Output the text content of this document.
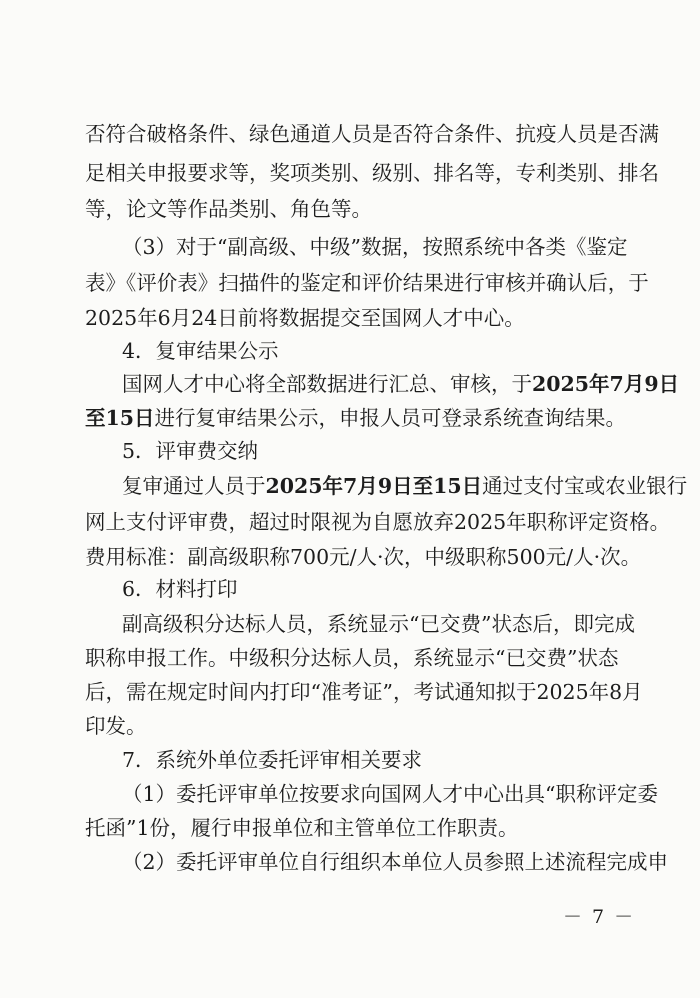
否符合破格条件、绿色通道人员是否符合条件、抗疫人员是否满
足相关申报要求等，奖项类别、级别、排名等，专利类别、排名
等，论文等作品类别、角色等。
（3）对于“副高级、中级”数据，按照系统中各类《鉴定
表》《评价表》扫描件的鉴定和评价结果进行审核并确认后，于
2025年6月24日前将数据提交至国网人才中心。
4．复审结果公示
国网人才中心将全部数据进行汇总、审核，于2025年7月9日
至15日进行复审结果公示，申报人员可登录系统查询结果。
5．评审费交纳
复审通过人员于2025年7月9日至15日通过支付宝或农业银行
网上支付评审费，超过时限视为自愿放弃2025年职称评定资格。
费用标准：副高级职称700元/人·次，中级职称500元/人·次。
6．材料打印
副高级积分达标人员，系统显示“已交费”状态后，即完成
职称申报工作。中级积分达标人员，系统显示“已交费”状态
后，需在规定时间内打印“准考证”，考试通知拟于2025年8月
印发。
7．系统外单位委托评审相关要求
（1）委托评审单位按要求向国网人才中心出具“职称评定委
托函”1份，履行申报单位和主管单位工作职责。
（2）委托评审单位自行组织本单位人员参照上述流程完成申
－ 7 －
